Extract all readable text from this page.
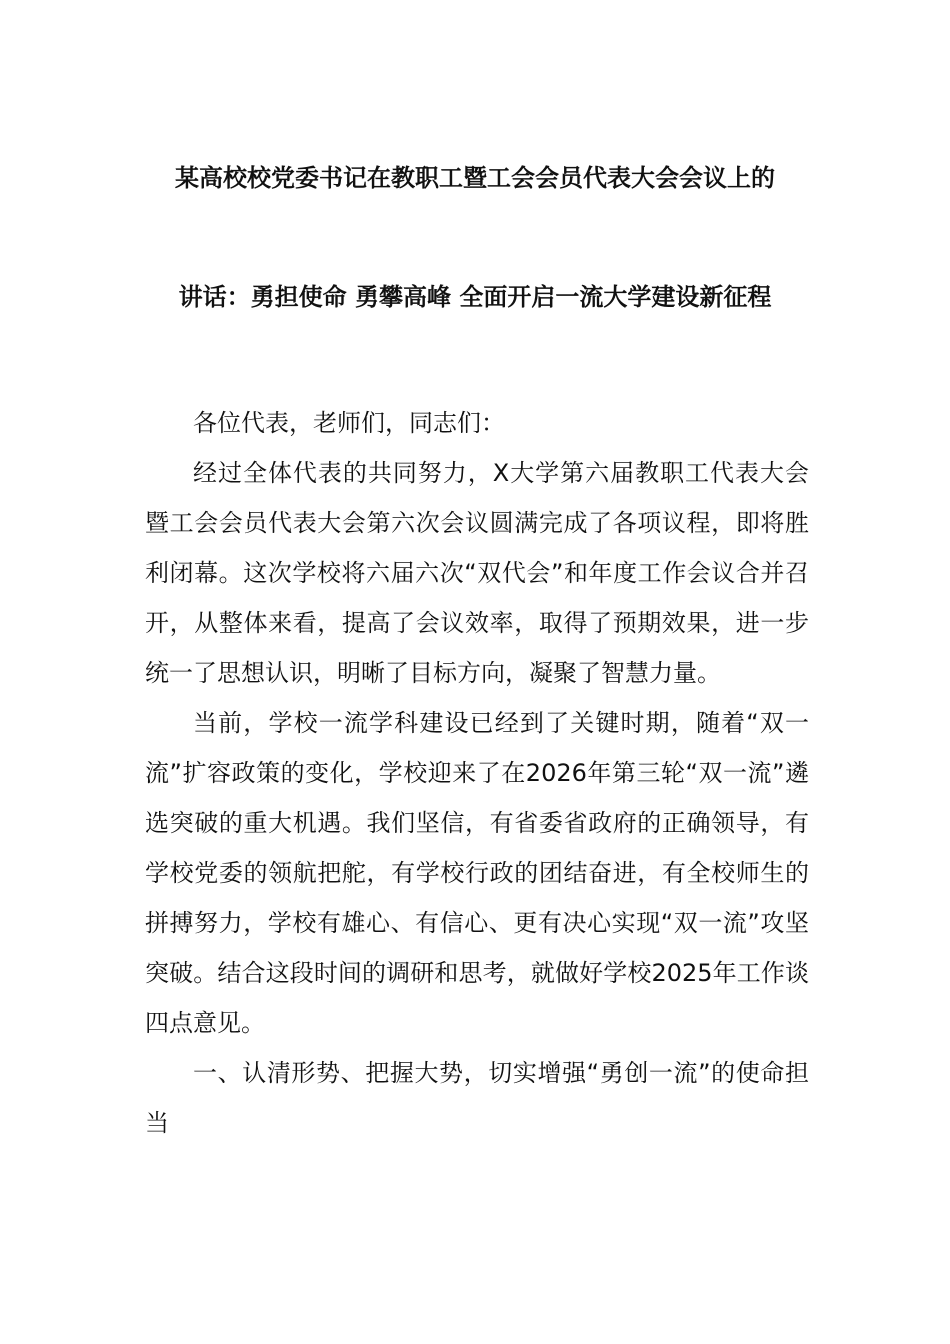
某高校校党委书记在教职工暨工会会员代表大会会议上的
讲话：勇担使命 勇攀高峰 全面开启一流大学建设新征程

各位代表，老师们，同志们：

经过全体代表的共同努力，X大学第六届教职工代表大会暨工会会员代表大会第六次会议圆满完成了各项议程，即将胜利闭幕。这次学校将六届六次“双代会”和年度工作会议合并召开，从整体来看，提高了会议效率，取得了预期效果，进一步统一了思想认识，明晰了目标方向，凝聚了智慧力量。

当前，学校一流学科建设已经到了关键时期，随着“双一流”扩容政策的变化，学校迎来了在2026年第三轮“双一流”遴选突破的重大机遇。我们坚信，有省委省政府的正确领导，有学校党委的领航把舵，有学校行政的团结奋进，有全校师生的拼搏努力，学校有雄心、有信心、更有决心实现“双一流”攻坚突破。结合这段时间的调研和思考，就做好学校2025年工作谈四点意见。

一、认清形势、把握大势，切实增强“勇创一流”的使命担当
